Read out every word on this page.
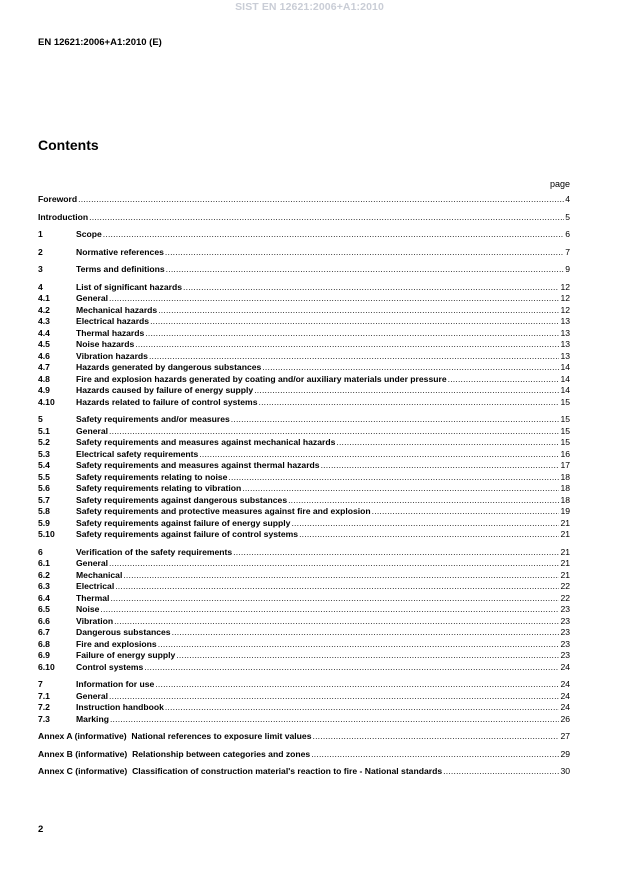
SIST EN 12621:2006+A1:2010
EN 12621:2006+A1:2010 (E)
Contents
page
Foreword .....	4
Introduction .....	5
1	Scope .....	6
2	Normative references .....	7
3	Terms and definitions .....	9
4	List of significant hazards .....	12
4.1	General .....	12
4.2	Mechanical hazards .....	12
4.3	Electrical hazards .....	13
4.4	Thermal hazards .....	13
4.5	Noise hazards .....	13
4.6	Vibration hazards .....	13
4.7	Hazards generated by dangerous substances .....	14
4.8	Fire and explosion hazards generated by coating and/or auxiliary materials under pressure .....	14
4.9	Hazards caused by failure of energy supply .....	14
4.10	Hazards related to failure of control systems .....	15
5	Safety requirements and/or measures .....	15
5.1	General .....	15
5.2	Safety requirements and measures against mechanical hazards .....	15
5.3	Electrical safety requirements .....	16
5.4	Safety requirements and measures against thermal hazards .....	17
5.5	Safety requirements relating to noise .....	18
5.6	Safety requirements relating to vibration .....	18
5.7	Safety requirements against dangerous substances .....	18
5.8	Safety requirements and protective measures against fire and explosion .....	19
5.9	Safety requirements against failure of energy supply .....	21
5.10	Safety requirements against failure of control systems .....	21
6	Verification of the safety requirements .....	21
6.1	General .....	21
6.2	Mechanical .....	21
6.3	Electrical .....	22
6.4	Thermal .....	22
6.5	Noise .....	23
6.6	Vibration .....	23
6.7	Dangerous substances .....	23
6.8	Fire and explosions .....	23
6.9	Failure of energy supply .....	23
6.10	Control systems .....	24
7	Information for use .....	24
7.1	General .....	24
7.2	Instruction handbook .....	24
7.3	Marking .....	26
Annex A (informative)  National references to exposure limit values .....	27
Annex B (informative)  Relationship between categories and zones .....	29
Annex C (informative)  Classification of construction material's reaction to fire - National standards .....	30
2
